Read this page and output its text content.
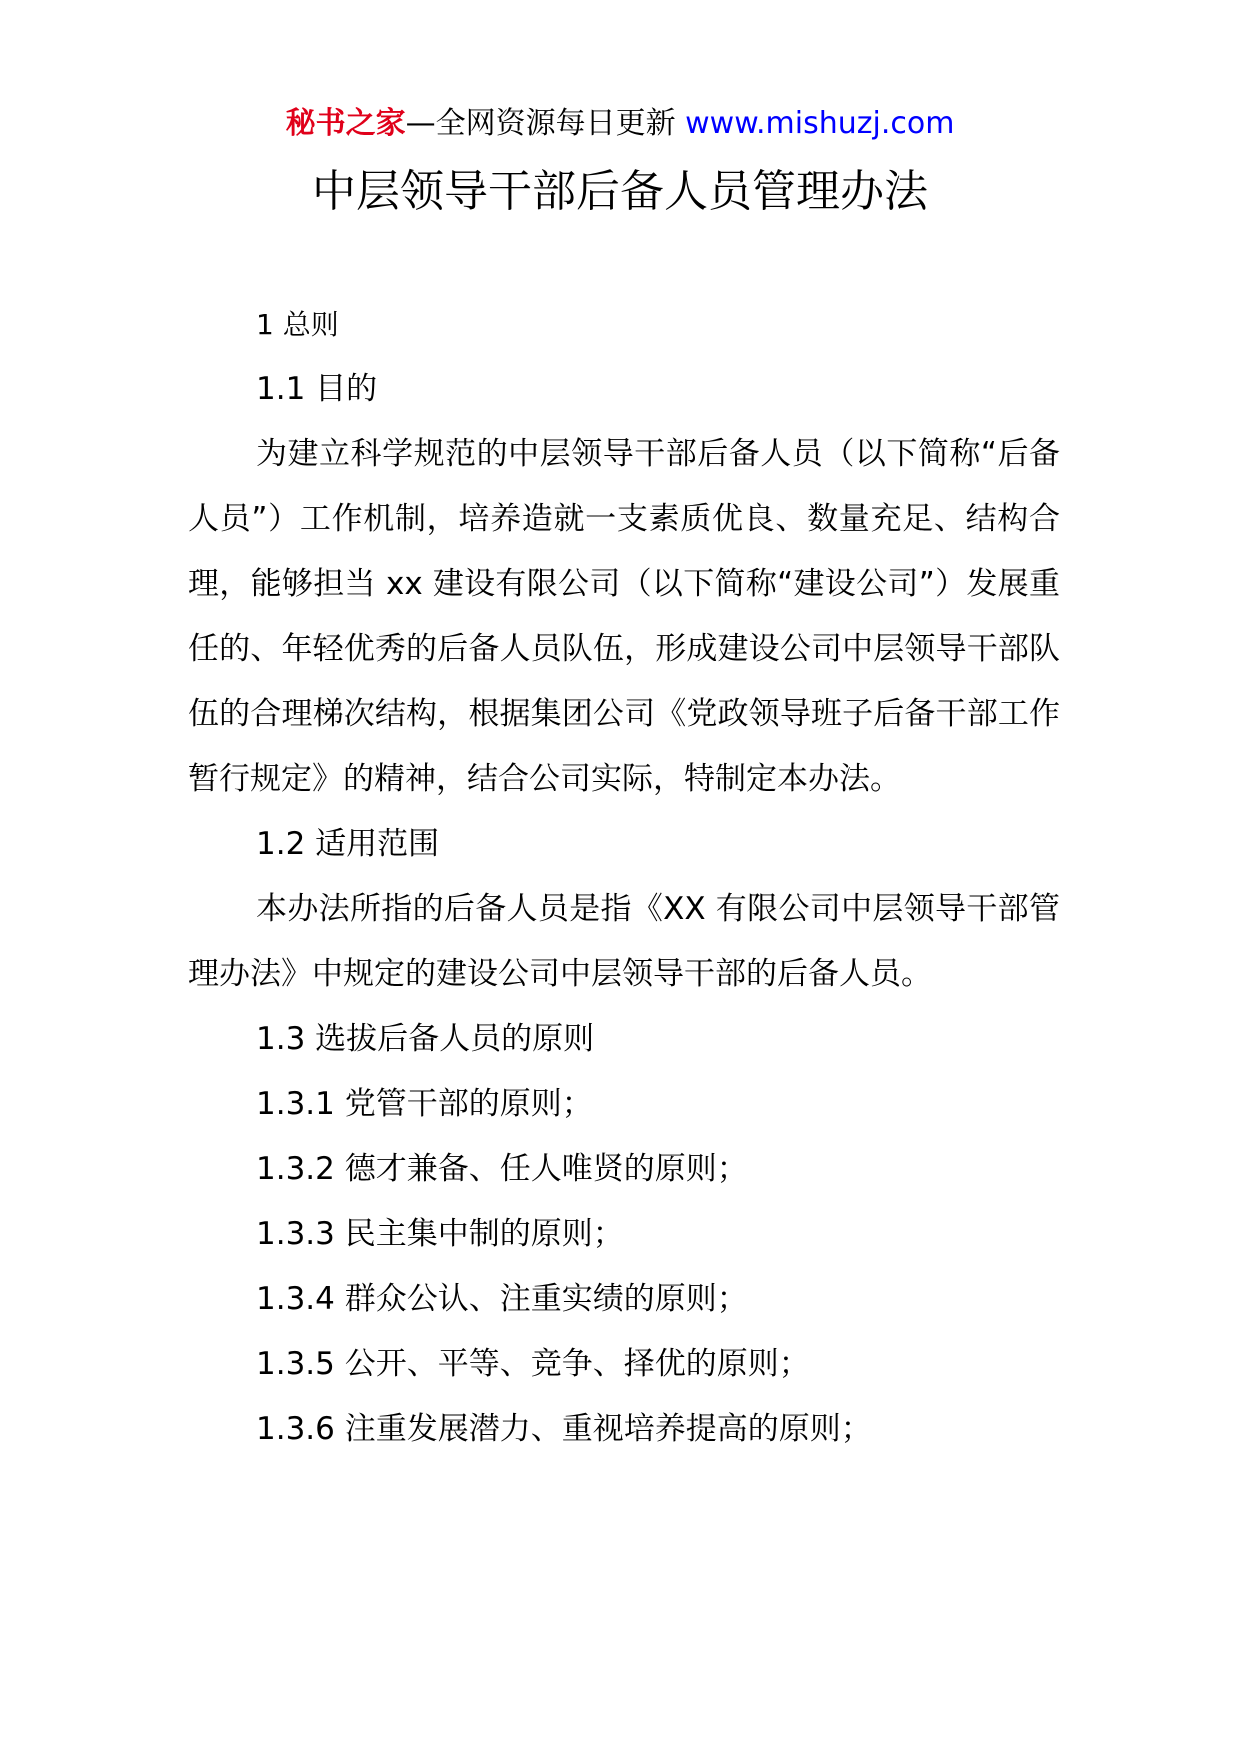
秘书之家—全网资源每日更新 www.mishuzj.com
中层领导干部后备人员管理办法

1 总则

1.1 目的

为建立科学规范的中层领导干部后备人员（以下简称“后备人员”）工作机制，培养造就一支素质优良、数量充足、结构合理，能够担当 xx 建设有限公司（以下简称“建设公司”）发展重任的、年轻优秀的后备人员队伍，形成建设公司中层领导干部队伍的合理梯次结构，根据集团公司《党政领导班子后备干部工作暂行规定》的精神，结合公司实际，特制定本办法。

1.2 适用范围

本办法所指的后备人员是指《XX 有限公司中层领导干部管理办法》中规定的建设公司中层领导干部的后备人员。

1.3 选拔后备人员的原则

1.3.1 党管干部的原则；

1.3.2 德才兼备、任人唯贤的原则；

1.3.3 民主集中制的原则；

1.3.4 群众公认、注重实绩的原则；

1.3.5 公开、平等、竞争、择优的原则；

1.3.6 注重发展潜力、重视培养提高的原则；
